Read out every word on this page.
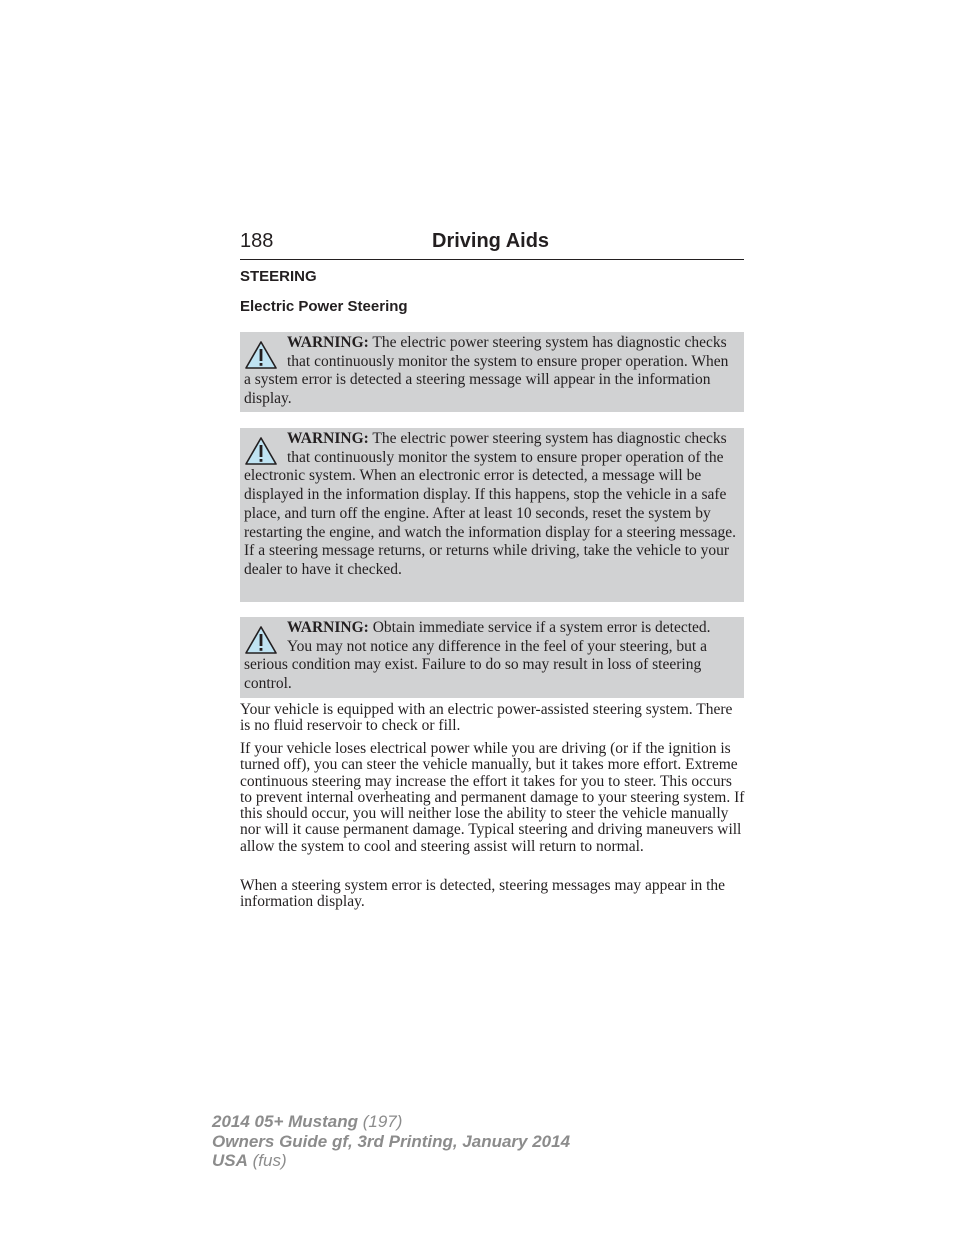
188	Driving Aids
STEERING
Electric Power Steering

WARNING: The electric power steering system has diagnostic checks that continuously monitor the system to ensure proper operation. When a system error is detected a steering message will appear in the information display.

WARNING: The electric power steering system has diagnostic checks that continuously monitor the system to ensure proper operation of the electronic system. When an electronic error is detected, a message will be displayed in the information display. If this happens, stop the vehicle in a safe place, and turn off the engine. After at least 10 seconds, reset the system by restarting the engine, and watch the information display for a steering message. If a steering message returns, or returns while driving, take the vehicle to your dealer to have it checked.

WARNING: Obtain immediate service if a system error is detected. You may not notice any difference in the feel of your steering, but a serious condition may exist. Failure to do so may result in loss of steering control.

Your vehicle is equipped with an electric power-assisted steering system. There is no fluid reservoir to check or fill.

If your vehicle loses electrical power while you are driving (or if the ignition is turned off), you can steer the vehicle manually, but it takes more effort. Extreme continuous steering may increase the effort it takes for you to steer. This occurs to prevent internal overheating and permanent damage to your steering system. If this should occur, you will neither lose the ability to steer the vehicle manually nor will it cause permanent damage. Typical steering and driving maneuvers will allow the system to cool and steering assist will return to normal.

When a steering system error is detected, steering messages may appear in the information display.

2014 05+ Mustang (197)
Owners Guide gf, 3rd Printing, January 2014
USA (fus)
